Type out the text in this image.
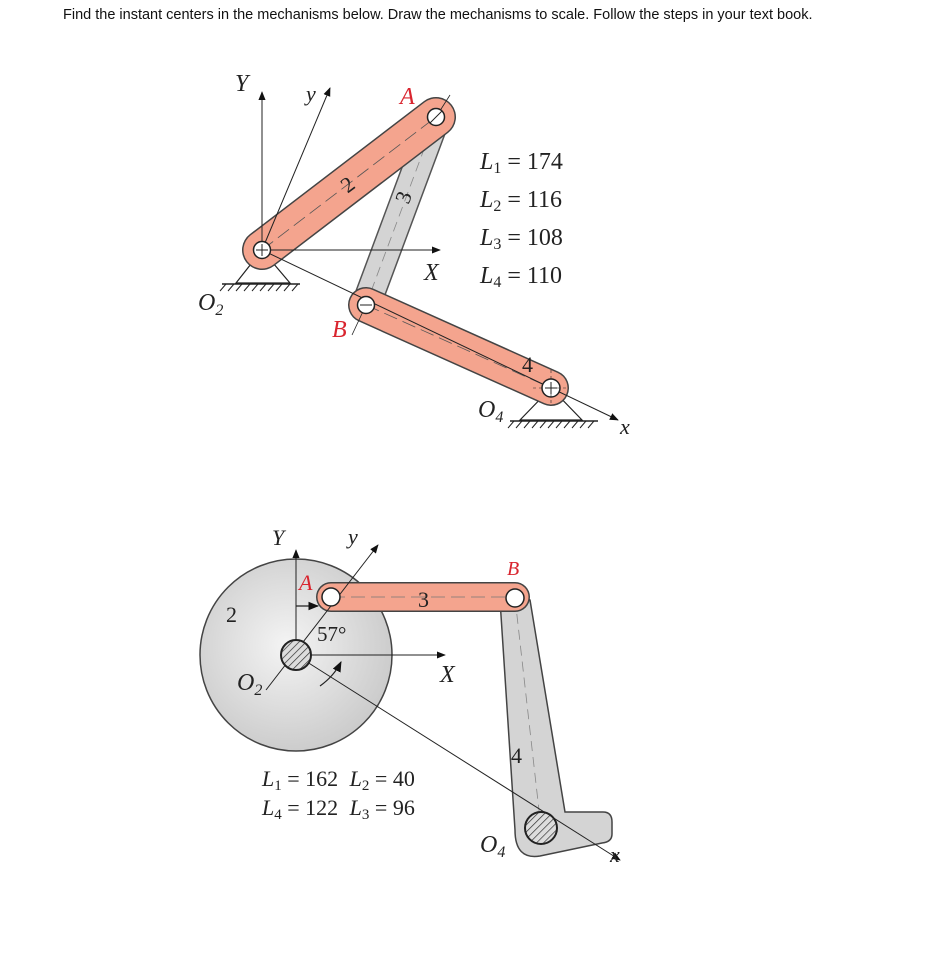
Find the instant centers in the mechanisms below. Draw the mechanisms to scale. Follow the steps in your text book.
Y	y	A
X
B
x
$O_2$
$O_4$
2 3
4
L1 = 174
L2 = 116
L3 = 108
L4 = 110
Y	y
A
B
X
x
$O_2$
$O_4$
2
3
4
57°
L1 = 162 L2 = 40
L4 = 122 L3 = 96
